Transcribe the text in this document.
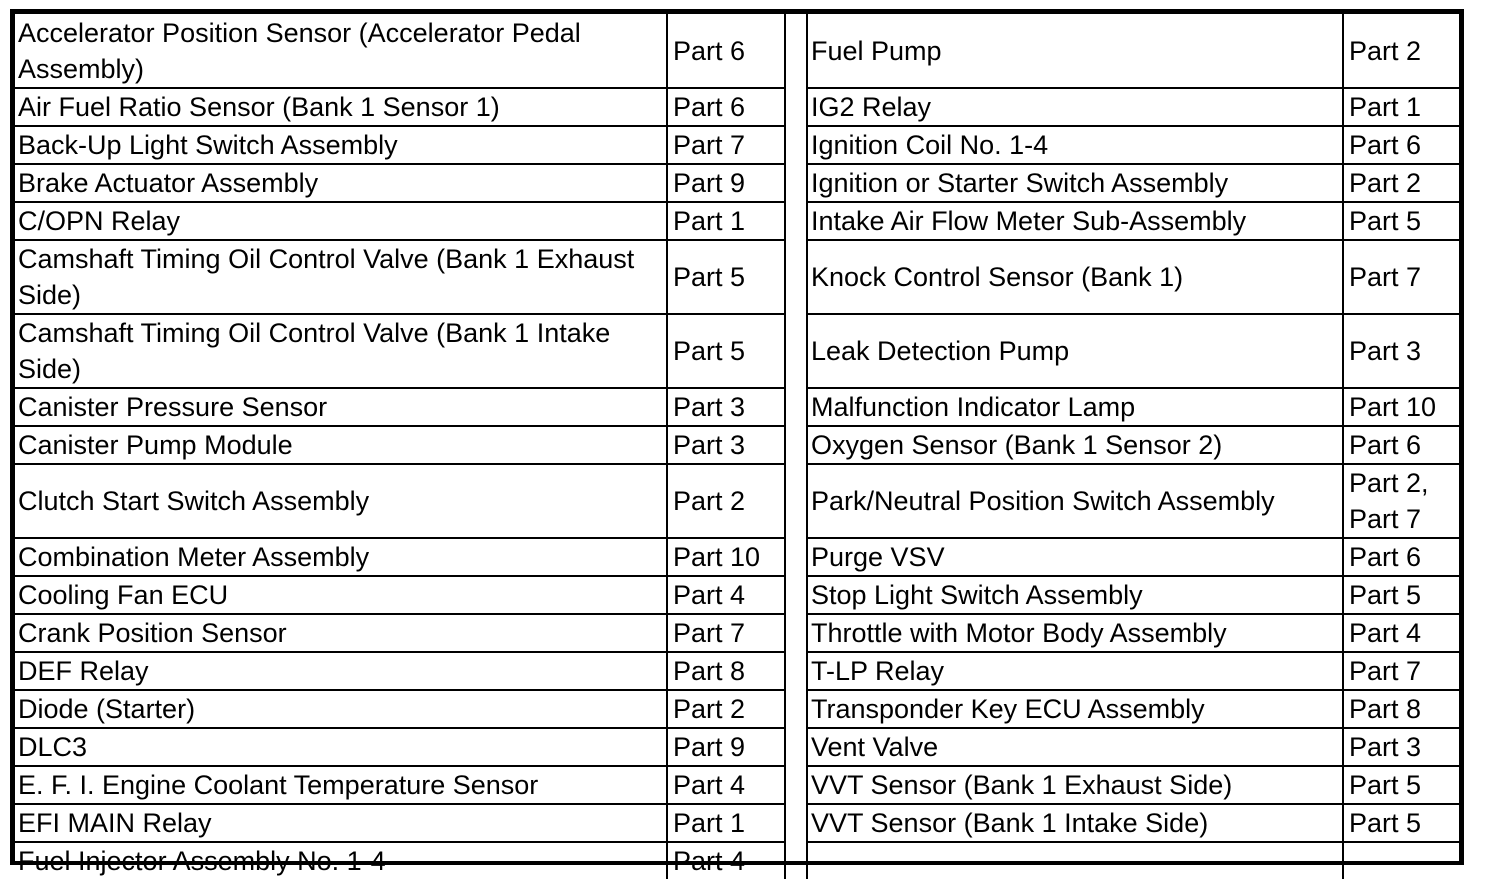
Accelerator Position Sensor (Accelerator Pedal Assembly)	Part 6		Fuel Pump	Part 2
Air Fuel Ratio Sensor (Bank 1 Sensor 1)	Part 6		IG2 Relay	Part 1
Back-Up Light Switch Assembly	Part 7		Ignition Coil No. 1-4	Part 6
Brake Actuator Assembly	Part 9		Ignition or Starter Switch Assembly	Part 2
C/OPN Relay	Part 1		Intake Air Flow Meter Sub-Assembly	Part 5
Camshaft Timing Oil Control Valve (Bank 1 Exhaust Side)	Part 5		Knock Control Sensor (Bank 1)	Part 7
Camshaft Timing Oil Control Valve (Bank 1 Intake Side)	Part 5		Leak Detection Pump	Part 3
Canister Pressure Sensor	Part 3		Malfunction Indicator Lamp	Part 10
Canister Pump Module	Part 3		Oxygen Sensor (Bank 1 Sensor 2)	Part 6
Clutch Start Switch Assembly	Part 2		Park/Neutral Position Switch Assembly	Part 2, Part 7
Combination Meter Assembly	Part 10		Purge VSV	Part 6
Cooling Fan ECU	Part 4		Stop Light Switch Assembly	Part 5
Crank Position Sensor	Part 7		Throttle with Motor Body Assembly	Part 4
DEF Relay	Part 8		T-LP Relay	Part 7
Diode (Starter)	Part 2		Transponder Key ECU Assembly	Part 8
DLC3	Part 9		Vent Valve	Part 3
E. F. I. Engine Coolant Temperature Sensor	Part 4		VVT Sensor (Bank 1 Exhaust Side)	Part 5
EFI MAIN Relay	Part 1		VVT Sensor (Bank 1 Intake Side)	Part 5
Fuel Injector Assembly No. 1-4	Part 4			
